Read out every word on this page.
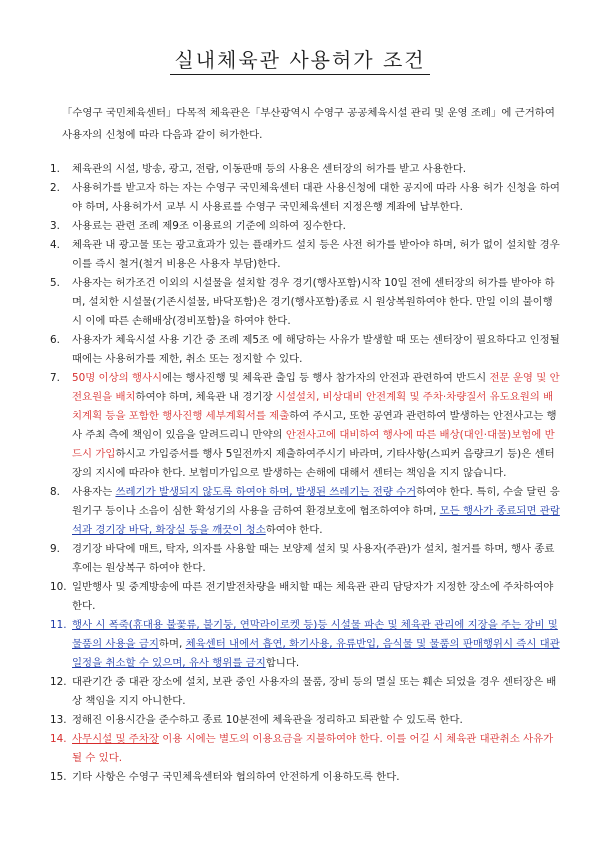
실내체육관 사용허가 조건
「수영구 국민체육센터」다목적 체육관은「부산광역시 수영구 공공체육시설 관리 및 운영 조례」에 근거하여 사용자의 신청에 따라 다음과 같이 허가한다.
1. 체육관의 시설, 방송, 광고, 전람, 이동판매 등의 사용은 센터장의 허가를 받고 사용한다.
2. 사용허가를 받고자 하는 자는 수영구 국민체육센터 대관 사용신청에 대한 공지에 따라 사용 허가 신청을 하여야 하며, 사용허가서 교부 시 사용료를 수영구 국민체육센터 지정은행 계좌에 납부한다.
3. 사용료는 관련 조례 제9조 이용료의 기준에 의하여 징수한다.
4. 체육관 내 광고물 또는 광고효과가 있는 플래카드 설치 등은 사전 허가를 받아야 하며, 허가 없이 설치할 경우 이를 즉시 철거(철거 비용은 사용자 부담)한다.
5. 사용자는 허가조건 이외의 시설물을 설치할 경우 경기(행사포함)시작 10일 전에 센터장의 허가를 받아야 하며, 설치한 시설물(기존시설물, 바닥포함)은 경기(행사포함)종료 시 원상복원하여야 한다. 만일 이의 불이행 시 이에 따른 손해배상(경비포함)을 하여야 한다.
6. 사용자가 체육시설 사용 기간 중 조례 제5조 에 해당하는 사유가 발생할 때 또는 센터장이 필요하다고 인정될 때에는 사용허가를 제한, 취소 또는 정지할 수 있다.
7. 50명 이상의 행사시에는 행사진행 및 체육관 출입 등 행사 참가자의 안전과 관련하여 반드시 전문 운영 및 안전요원을 배치하여야 하며, 체육관 내 경기장 시설설치, 비상대비 안전계획 및 주차·차량질서 유도요원의 배치계획 등을 포함한 행사진행 세부계획서를 제출하여 주시고, 또한 공연과 관련하여 발생하는 안전사고는 행사 주최 측에 책임이 있음을 알려드리니 만약의 안전사고에 대비하여 행사에 따른 배상(대인·대물)보험에 반드시 가입하시고 가입증서를 행사 5일전까지 제출하여주시기 바라며, 기타사항(스피커 음량크기 등)은 센터장의 지시에 따라야 한다. 보험미가입으로 발생하는 손해에 대해서 센터는 책임을 지지 않습니다.
8. 사용자는 쓰레기가 발생되지 않도록 하여야 하며, 발생된 쓰레기는 전량 수거하여야 한다. 특히, 수술 달린 응원기구 등이나 소음이 심한 확성기의 사용을 금하여 환경보호에 협조하여야 하며, 모든 행사가 종료되면 관람석과 경기장 바닥, 화장실 등을 깨끗이 청소하여야 한다.
9. 경기장 바닥에 매트, 탁자, 의자를 사용할 때는 보양제 설치 및 사용자(주관)가 설치, 철거를 하며, 행사 종료 후에는 원상복구 하여야 한다.
10. 일반행사 및 중계방송에 따른 전기발전차량을 배치할 때는 체육관 관리 담당자가 지정한 장소에 주차하여야 한다.
11. 행사 시 폭죽(휴대용 불꽃류, 불기둥, 연막라이로켓 등)등 시설물 파손 및 체육관 관리에 지장을 주는 장비 및 물품의 사용을 금지하며, 체육센터 내에서 흡연, 화기사용, 유류반입, 음식물 및 물품의 판매행위시 즉시 대관일정을 취소할 수 있으며, 유사 행위를 금지합니다.
12. 대관기간 중 대관 장소에 설치, 보관 중인 사용자의 물품, 장비 등의 멸실 또는 훼손 되었을 경우 센터장은 배상 책임을 지지 아니한다.
13. 정해진 이용시간을 준수하고 종료 10분전에 체육관을 정리하고 퇴관할 수 있도록 한다.
14. 사무시설 및 주차장 이용 시에는 별도의 이용요금을 지불하여야 한다. 이를 어길 시 체육관 대관취소 사유가 될 수 있다.
15. 기타 사항은 수영구 국민체육센터와 협의하여 안전하게 이용하도록 한다.
